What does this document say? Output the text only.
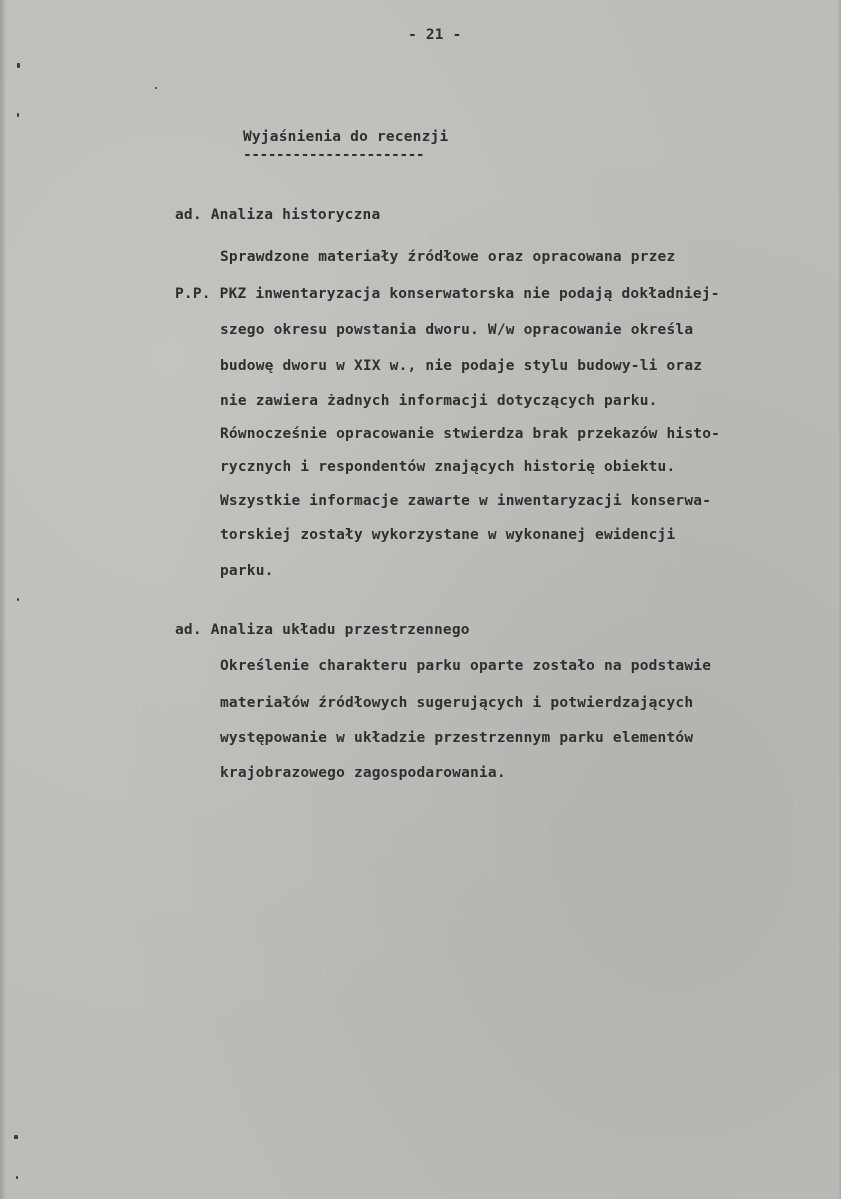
- 21 -
Wyjaśnienia do recenzji
----------------------
ad. Analiza historyczna
Sprawdzone materiały źródłowe oraz opracowana przez
P.P. PKZ inwentaryzacja konserwatorska nie podają dokładniej-
szego okresu powstania dworu. W/w opracowanie określa
budowę dworu w XIX w., nie podaje stylu budowy-li oraz
nie zawiera żadnych informacji dotyczących parku.
Równocześnie opracowanie stwierdza brak przekazów histo-
rycznych i respondentów znających historię obiektu.
Wszystkie informacje zawarte w inwentaryzacji konserwa-
torskiej zostały wykorzystane w wykonanej ewidencji
parku.
ad. Analiza układu przestrzennego
Określenie charakteru parku oparte zostało na podstawie
materiałów źródłowych sugerujących i potwierdzających
występowanie w układzie przestrzennym parku elementów
krajobrazowego zagospodarowania.
